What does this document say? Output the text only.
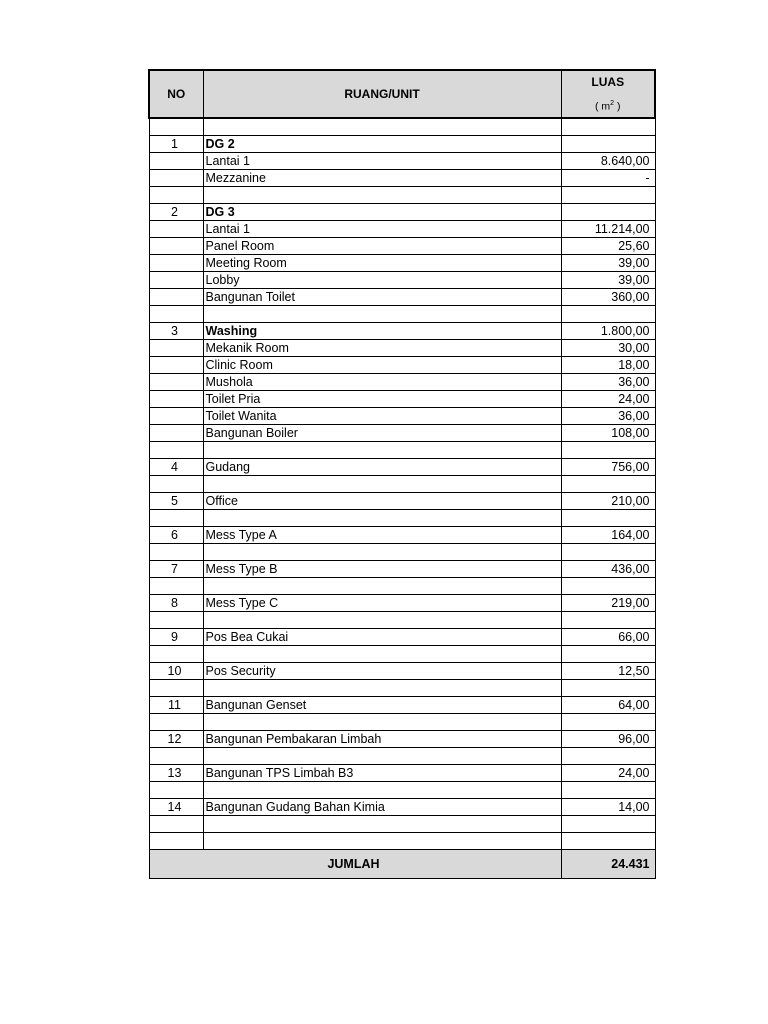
NO	RUANG/UNIT	LUAS
( $m^2$ )

1	DG 2	
	Lantai 1	8.640,00
	Mezzanine	-

2	DG 3	
	Lantai 1	11.214,00
	Panel Room	25,60
	Meeting Room	39,00
	Lobby	39,00
	Bangunan Toilet	360,00

3	Washing	1.800,00
	Mekanik Room	30,00
	Clinic Room	18,00
	Mushola	36,00
	Toilet Pria	24,00
	Toilet Wanita	36,00
	Bangunan Boiler	108,00

4	Gudang	756,00

5	Office	210,00

6	Mess Type A	164,00

7	Mess Type B	436,00

8	Mess Type C	219,00

9	Pos Bea Cukai	66,00

10	Pos Security	12,50

11	Bangunan Genset	64,00

12	Bangunan Pembakaran Limbah	96,00

13	Bangunan TPS Limbah B3	24,00

14	Bangunan Gudang Bahan Kimia	14,00

JUMLAH		24.431
